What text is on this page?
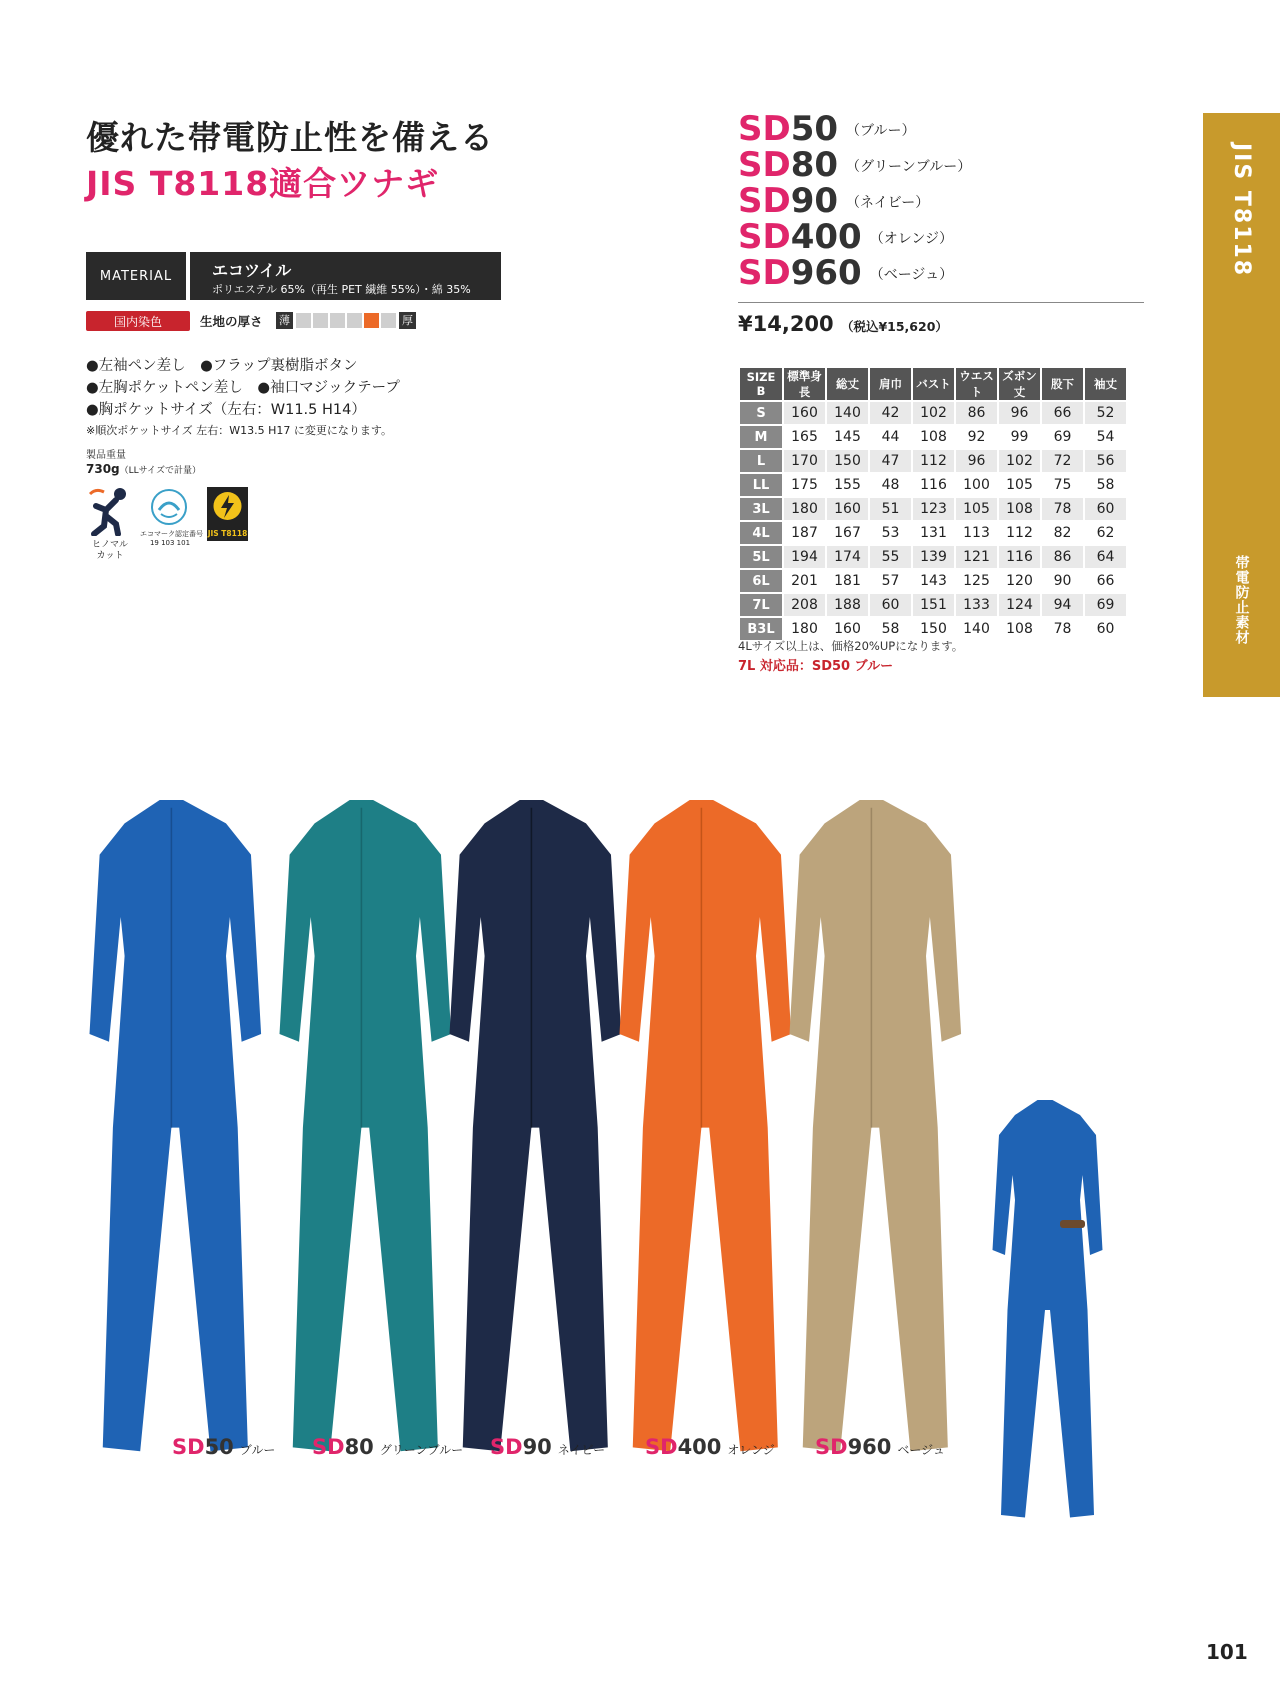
優れた帯電防止性を備える
JIS T8118適合ツナギ
MATERIAL	エコツイル
ポリエステル 65%（再生 PET 繊維 55%）・綿 35%
国内染色	生地の厚さ 薄	厚
●左袖ペン差し　●フラップ裏樹脂ボタン
●左胸ポケットペン差し　●袖口マジックテープ
●胸ポケットサイズ（左右：W11.5 H14）
※順次ポケットサイズ 左右：W13.5 H17 に変更になります。
製品重量
730g（LLサイズで計量）
ヒノマル
カット
エコマーク認定番号
19 103 101
JIS T8118
SD50 （ブルー）
SD80 （グリーンブルー）
SD90 （ネイビー）
SD400 （オレンジ）
SD960 （ベージュ）
¥14,200 （税込¥15,620）
SIZE B	標準身長	総丈	肩巾	バスト	ウエスト	ズボン丈	股下	袖丈
S	160	140	42	102	86	96	66	52
M	165	145	44	108	92	99	69	54
L	170	150	47	112	96	102	72	56
LL	175	155	48	116	100	105	75	58
3L	180	160	51	123	105	108	78	60
4L	187	167	53	131	113	112	82	62
5L	194	174	55	139	121	116	86	64
6L	201	181	57	143	125	120	90	66
7L	208	188	60	151	133	124	94	69
B3L	180	160	58	150	140	108	78	60
4Lサイズ以上は、価格20%UPになります。
7L 対応品：SD50 ブルー
JIS T8118
帯電防止素材
SD50 ブルー SD80 グリーンブルー SD90 ネイビー SD400 オレンジ SD960 ベージュ
101
